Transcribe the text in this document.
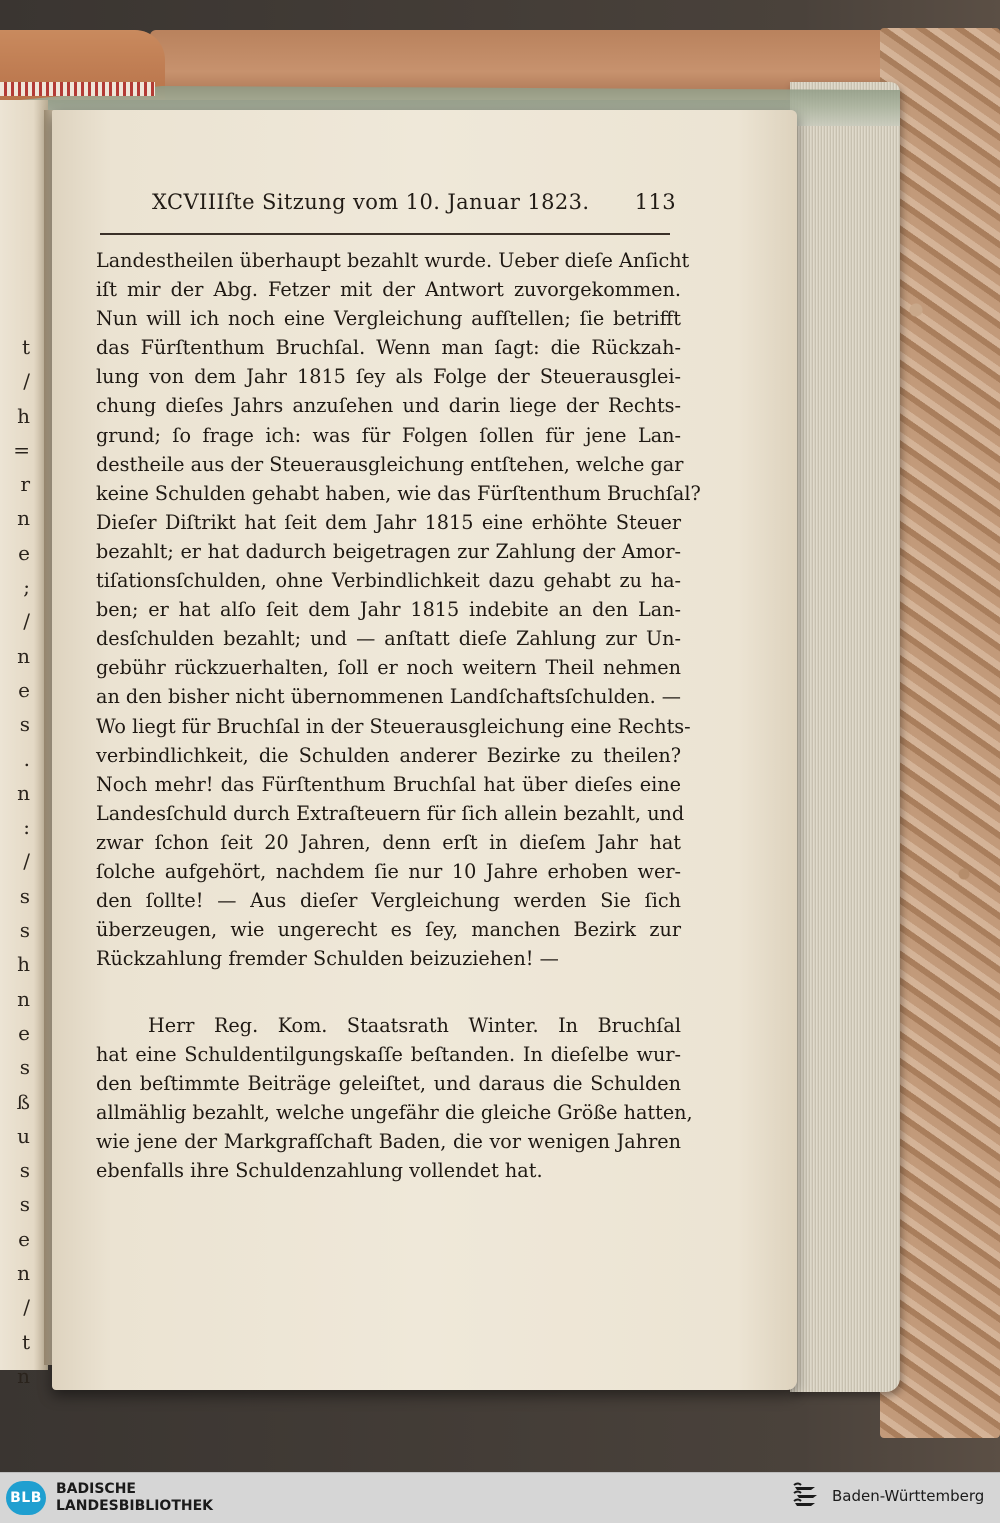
t
/
h
=
r
n
e
;
/
n
e
s
.
n
:
/
s
s
h
n
e
s
ß
u
s
s
e
n
/
t
n
XCVIIIſte Sitzung vom 10. Januar 1823. 113
Landestheilen überhaupt bezahlt wurde. Ueber dieſe Anſicht
iſt mir der Abg. Fetzer mit der Antwort zuvorgekommen.
Nun will ich noch eine Vergleichung aufſtellen; ſie betrifft
das Fürſtenthum Bruchſal. Wenn man ſagt: die Rückzah-
lung von dem Jahr 1815 ſey als Folge der Steuerausglei-
chung dieſes Jahrs anzuſehen und darin liege der Rechts-
grund; ſo frage ich: was für Folgen ſollen für jene Lan-
destheile aus der Steuerausgleichung entſtehen, welche gar
keine Schulden gehabt haben, wie das Fürſtenthum Bruchſal?
Dieſer Diſtrikt hat ſeit dem Jahr 1815 eine erhöhte Steuer
bezahlt; er hat dadurch beigetragen zur Zahlung der Amor-
tiſationsſchulden, ohne Verbindlichkeit dazu gehabt zu ha-
ben; er hat alſo ſeit dem Jahr 1815 indebite an den Lan-
desſchulden bezahlt; und — anſtatt dieſe Zahlung zur Un-
gebühr rückzuerhalten, ſoll er noch weitern Theil nehmen
an den bisher nicht übernommenen Landſchaftsſchulden. —
Wo liegt für Bruchſal in der Steuerausgleichung eine Rechts-
verbindlichkeit, die Schulden anderer Bezirke zu theilen?
Noch mehr! das Fürſtenthum Bruchſal hat über dieſes eine
Landesſchuld durch Extraſteuern für ſich allein bezahlt, und
zwar ſchon ſeit 20 Jahren, denn erſt in dieſem Jahr hat
ſolche aufgehört, nachdem ſie nur 10 Jahre erhoben wer-
den ſollte! — Aus dieſer Vergleichung werden Sie ſich
überzeugen, wie ungerecht es ſey, manchen Bezirk zur
Rückzahlung fremder Schulden beizuziehen! —
Herr Reg. Kom. Staatsrath Winter. In Bruchſal
hat eine Schuldentilgungskaſſe beſtanden. In dieſelbe wur-
den beſtimmte Beiträge geleiſtet, und daraus die Schulden
allmählig bezahlt, welche ungefähr die gleiche Größe hatten,
wie jene der Markgrafſchaft Baden, die vor wenigen Jahren
ebenfalls ihre Schuldenzahlung vollendet hat.
BLB
BADISCHE
LANDESBIBLIOTHEK
Baden-Württemberg
